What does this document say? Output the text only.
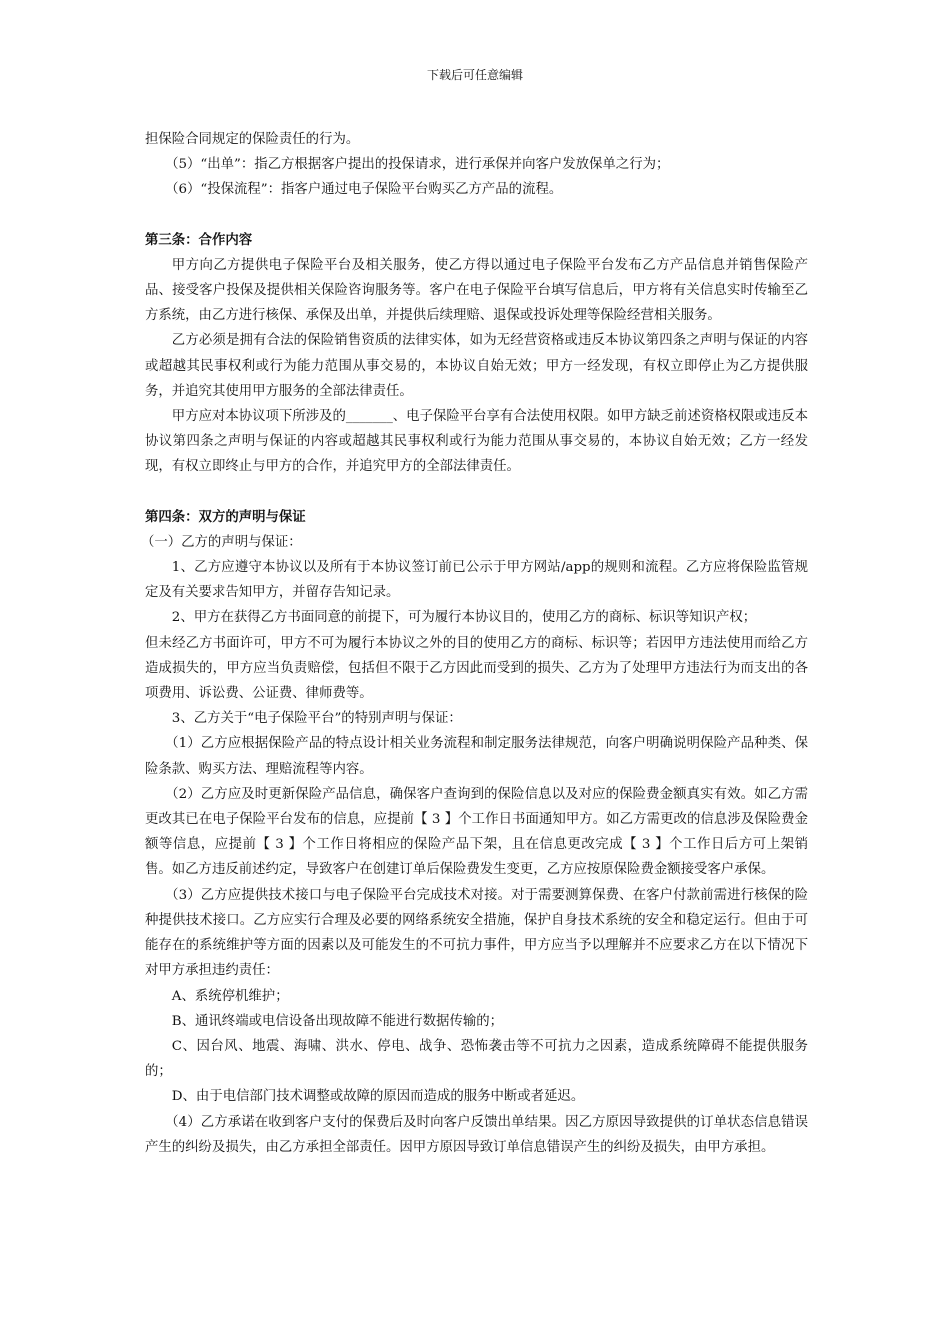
下载后可任意编辑

担保险合同规定的保险责任的行为。

（5）“出单”：指乙方根据客户提出的投保请求，进行承保并向客户发放保单之行为；

（6）“投保流程”：指客户通过电子保险平台购买乙方产品的流程。

第三条：合作内容

甲方向乙方提供电子保险平台及相关服务，使乙方得以通过电子保险平台发布乙方产品信息并销售保险产品、接受客户投保及提供相关保险咨询服务等。客户在电子保险平台填写信息后，甲方将有关信息实时传输至乙方系统，由乙方进行核保、承保及出单，并提供后续理赔、退保或投诉处理等保险经营相关服务。

乙方必须是拥有合法的保险销售资质的法律实体，如为无经营资格或违反本协议第四条之声明与保证的内容或超越其民事权利或行为能力范围从事交易的，本协议自始无效；甲方一经发现，有权立即停止为乙方提供服务，并追究其使用甲方服务的全部法律责任。

甲方应对本协议项下所涉及的_______、电子保险平台享有合法使用权限。如甲方缺乏前述资格权限或违反本协议第四条之声明与保证的内容或超越其民事权利或行为能力范围从事交易的，本协议自始无效；乙方一经发现，有权立即终止与甲方的合作，并追究甲方的全部法律责任。

第四条：双方的声明与保证

（一）乙方的声明与保证：

1、乙方应遵守本协议以及所有于本协议签订前已公示于甲方网站/app的规则和流程。乙方应将保险监管规定及有关要求告知甲方，并留存告知记录。

2、甲方在获得乙方书面同意的前提下，可为履行本协议目的，使用乙方的商标、标识等知识产权；

但未经乙方书面许可，甲方不可为履行本协议之外的目的使用乙方的商标、标识等；若因甲方违法使用而给乙方造成损失的，甲方应当负责赔偿，包括但不限于乙方因此而受到的损失、乙方为了处理甲方违法行为而支出的各项费用、诉讼费、公证费、律师费等。

3、乙方关于“电子保险平台”的特别声明与保证：

（1）乙方应根据保险产品的特点设计相关业务流程和制定服务法律规范，向客户明确说明保险产品种类、保险条款、购买方法、理赔流程等内容。

（2）乙方应及时更新保险产品信息，确保客户查询到的保险信息以及对应的保险费金额真实有效。如乙方需更改其已在电子保险平台发布的信息，应提前【 3 】个工作日书面通知甲方。如乙方需更改的信息涉及保险费金额等信息，应提前【 3 】个工作日将相应的保险产品下架，且在信息更改完成【 3 】个工作日后方可上架销售。如乙方违反前述约定，导致客户在创建订单后保险费发生变更，乙方应按原保险费金额接受客户承保。

（3）乙方应提供技术接口与电子保险平台完成技术对接。对于需要测算保费、在客户付款前需进行核保的险种提供技术接口。乙方应实行合理及必要的网络系统安全措施，保护自身技术系统的安全和稳定运行。但由于可能存在的系统维护等方面的因素以及可能发生的不可抗力事件，甲方应当予以理解并不应要求乙方在以下情况下对甲方承担违约责任：

A、系统停机维护；

B、通讯终端或电信设备出现故障不能进行数据传输的；

C、因台风、地震、海啸、洪水、停电、战争、恐怖袭击等不可抗力之因素，造成系统障碍不能提供服务的；

D、由于电信部门技术调整或故障的原因而造成的服务中断或者延迟。

（4）乙方承诺在收到客户支付的保费后及时向客户反馈出单结果。因乙方原因导致提供的订单状态信息错误产生的纠纷及损失，由乙方承担全部责任。因甲方原因导致订单信息错误产生的纠纷及损失，由甲方承担。
